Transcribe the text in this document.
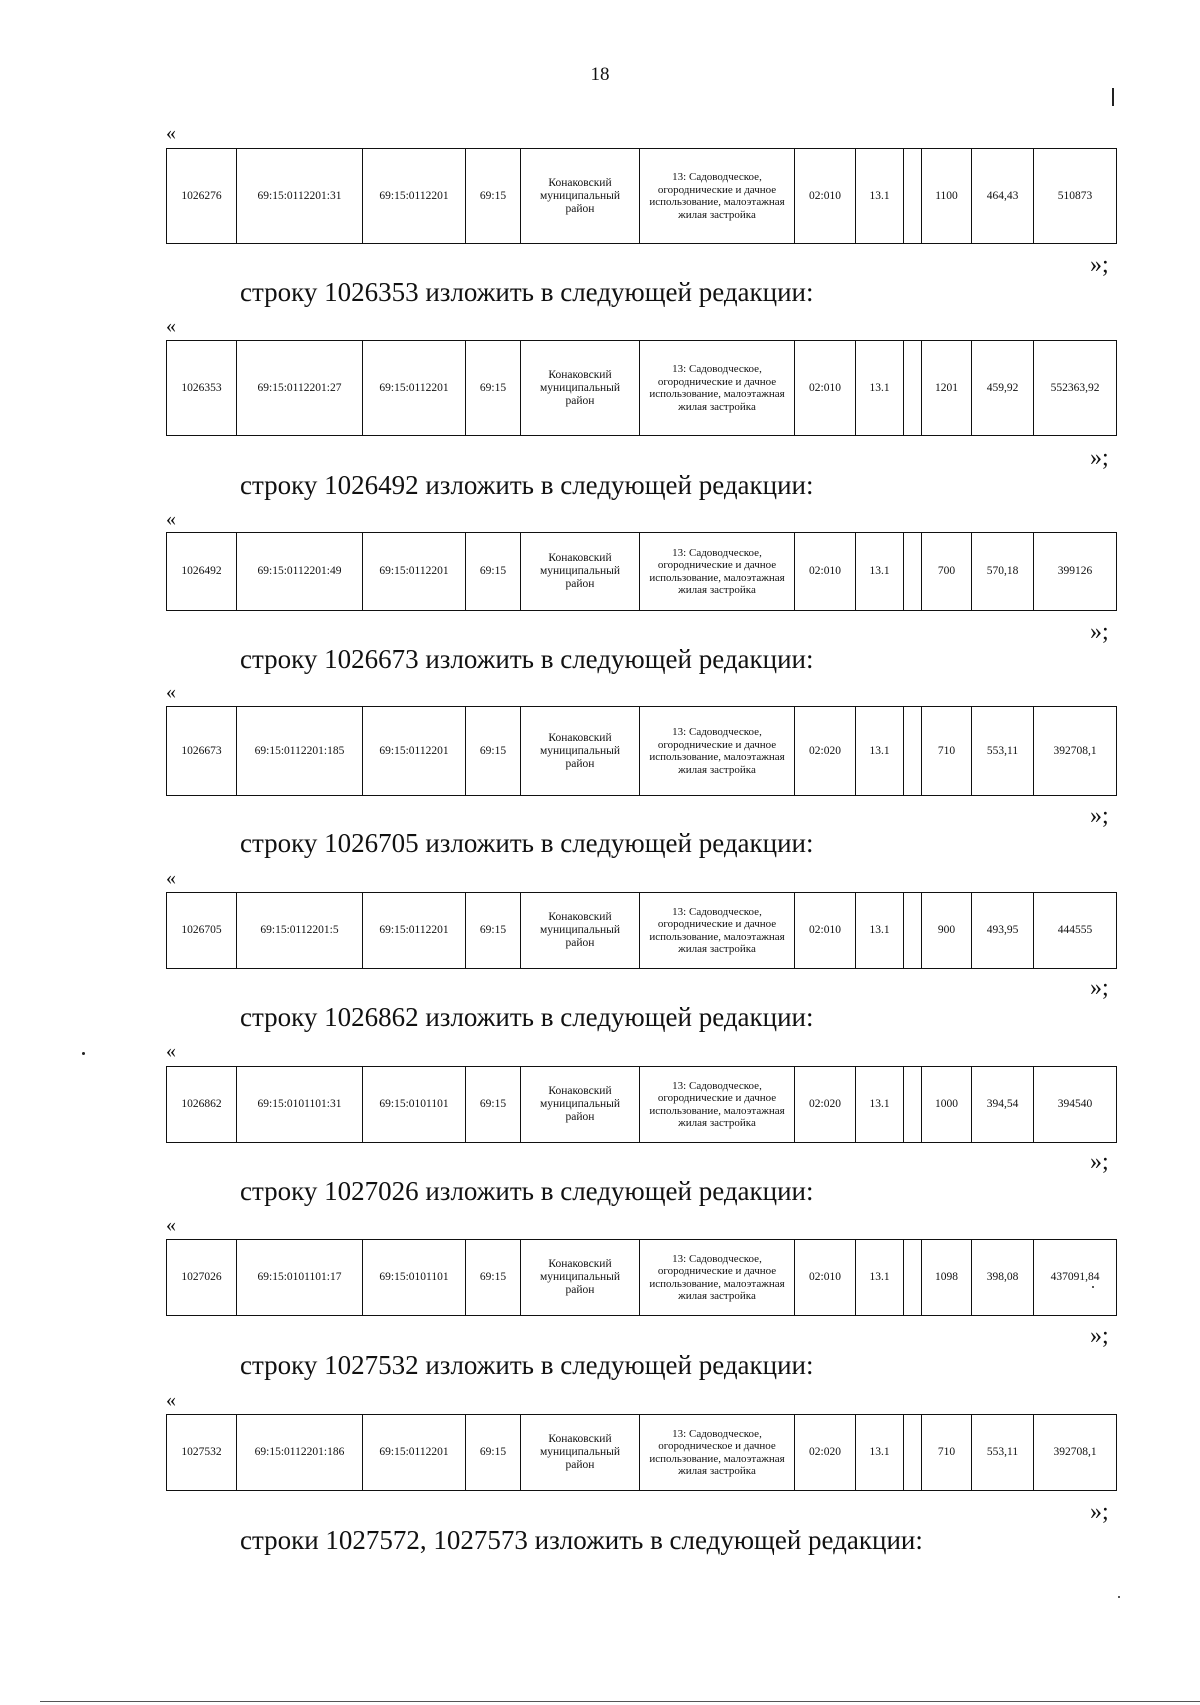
18
«
1026276	69:15:0112201:31	69:15:0112201	69:15	Конаковский муниципальный район	13: Садоводческое, огороднические и дачное использование, малоэтажная жилая застройка	02:010	13.1		1100	464,43	510873
»;
строку 1026353 изложить в следующей редакции:
«
1026353	69:15:0112201:27	69:15:0112201	69:15	Конаковский муниципальный район	13: Садоводческое, огороднические и дачное использование, малоэтажная жилая застройка	02:010	13.1		1201	459,92	552363,92
»;
строку 1026492 изложить в следующей редакции:
«
1026492	69:15:0112201:49	69:15:0112201	69:15	Конаковский муниципальный район	13: Садоводческое, огороднические и дачное использование, малоэтажная жилая застройка	02:010	13.1		700	570,18	399126
»;
строку 1026673 изложить в следующей редакции:
«
1026673	69:15:0112201:185	69:15:0112201	69:15	Конаковский муниципальный район	13: Садоводческое, огороднические и дачное использование, малоэтажная жилая застройка	02:020	13.1		710	553,11	392708,1
»;
строку 1026705 изложить в следующей редакции:
«
1026705	69:15:0112201:5	69:15:0112201	69:15	Конаковский муниципальный район	13: Садоводческое, огороднические и дачное использование, малоэтажная жилая застройка	02:010	13.1		900	493,95	444555
»;
строку 1026862 изложить в следующей редакции:
«
1026862	69:15:0101101:31	69:15:0101101	69:15	Конаковский муниципальный район	13: Садоводческое, огороднические и дачное использование, малоэтажная жилая застройка	02:020	13.1		1000	394,54	394540
»;
строку 1027026 изложить в следующей редакции:
«
1027026	69:15:0101101:17	69:15:0101101	69:15	Конаковский муниципальный район	13: Садоводческое, огороднические и дачное использование, малоэтажная жилая застройка	02:010	13.1		1098	398,08	437091,84
»;
строку 1027532 изложить в следующей редакции:
«
1027532	69:15:0112201:186	69:15:0112201	69:15	Конаковский муниципальный район	13: Садоводческое, огородническое и дачное использование, малоэтажная жилая застройка	02:020	13.1		710	553,11	392708,1
»;
строки 1027572, 1027573 изложить в следующей редакции:
